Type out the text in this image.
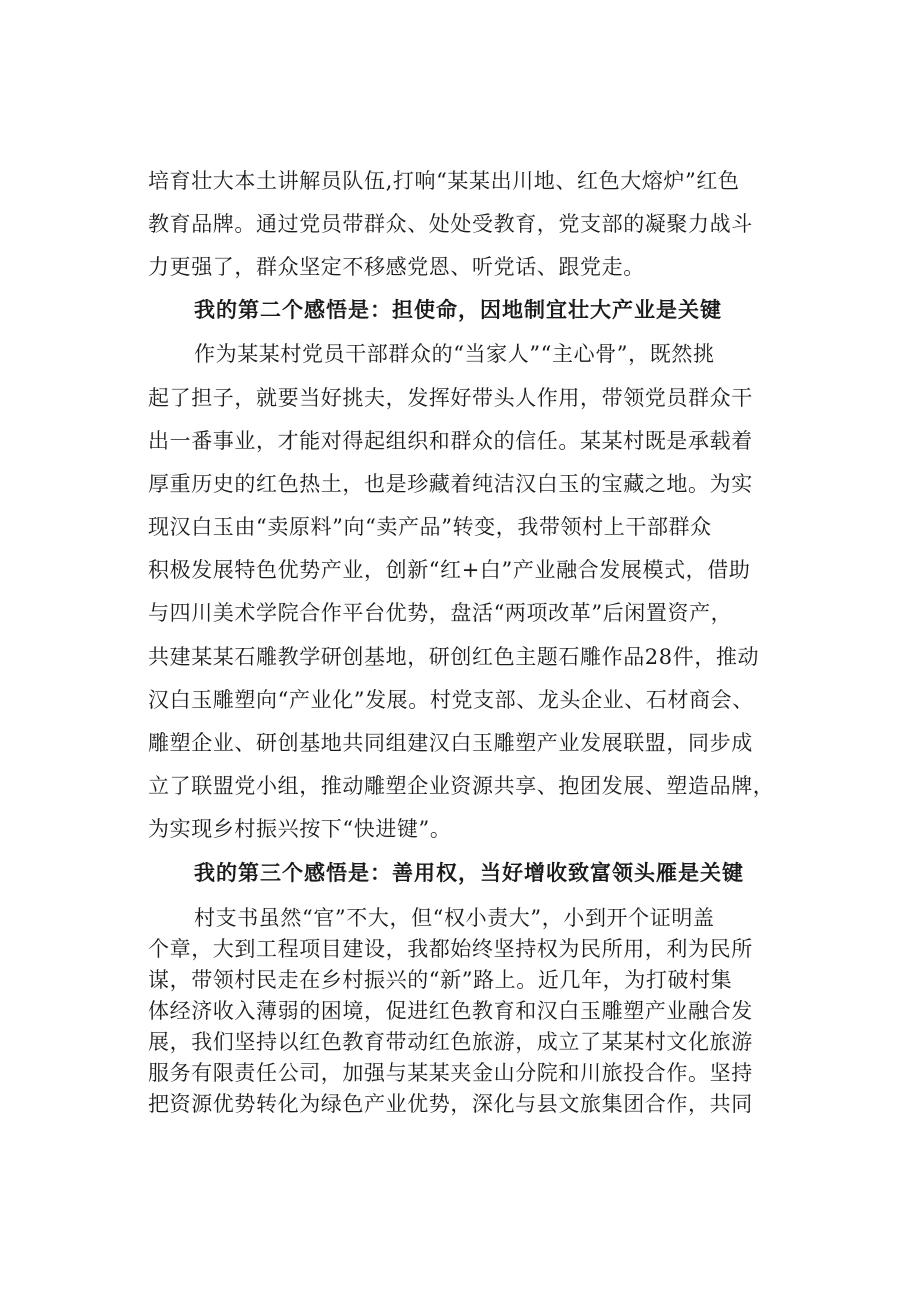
培育壮大本土讲解员队伍,打响“某某出川地、红色大熔炉”红色
教育品牌。通过党员带群众、处处受教育，党支部的凝聚力战斗
力更强了，群众坚定不移感党恩、听党话、跟党走。
我的第二个感悟是：担使命，因地制宜壮大产业是关键
作为某某村党员干部群众的“当家人”“主心骨”，既然挑
起了担子，就要当好挑夫，发挥好带头人作用，带领党员群众干
出一番事业，才能对得起组织和群众的信任。某某村既是承载着
厚重历史的红色热土，也是珍藏着纯洁汉白玉的宝藏之地。为实
现汉白玉由“卖原料”向“卖产品”转变，我带领村上干部群众
积极发展特色优势产业，创新“红+白”产业融合发展模式，借助
与四川美术学院合作平台优势，盘活“两项改革”后闲置资产，
共建某某石雕教学研创基地，研创红色主题石雕作品28件，推动
汉白玉雕塑向“产业化”发展。村党支部、龙头企业、石材商会、
雕塑企业、研创基地共同组建汉白玉雕塑产业发展联盟，同步成
立了联盟党小组，推动雕塑企业资源共享、抱团发展、塑造品牌，
为实现乡村振兴按下“快进键”。
我的第三个感悟是：善用权，当好增收致富领头雁是关键
村支书虽然“官”不大，但“权小责大”，小到开个证明盖
个章，大到工程项目建设，我都始终坚持权为民所用，利为民所
谋，带领村民走在乡村振兴的“新”路上。近几年，为打破村集
体经济收入薄弱的困境，促进红色教育和汉白玉雕塑产业融合发
展，我们坚持以红色教育带动红色旅游，成立了某某村文化旅游
服务有限责任公司，加强与某某夹金山分院和川旅投合作。坚持
把资源优势转化为绿色产业优势，深化与县文旅集团合作，共同
